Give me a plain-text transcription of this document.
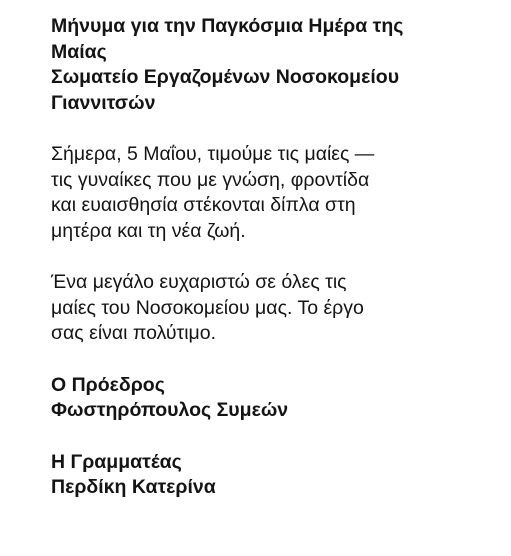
Μήνυμα για την Παγκόσμια Ημέρα της
Μαίας
Σωματείο Εργαζομένων Νοσοκομείου
Γιαννιτσών
Σήμερα, 5 Μαΐου, τιμούμε τις μαίες —
τις γυναίκες που με γνώση, φροντίδα
και ευαισθησία στέκονται δίπλα στη
μητέρα και τη νέα ζωή.
Ένα μεγάλο ευχαριστώ σε όλες τις
μαίες του Νοσοκομείου μας. Το έργο
σας είναι πολύτιμο.
Ο Πρόεδρος
Φωστηρόπουλος Συμεών
Η Γραμματέας
Περδίκη Κατερίνα
